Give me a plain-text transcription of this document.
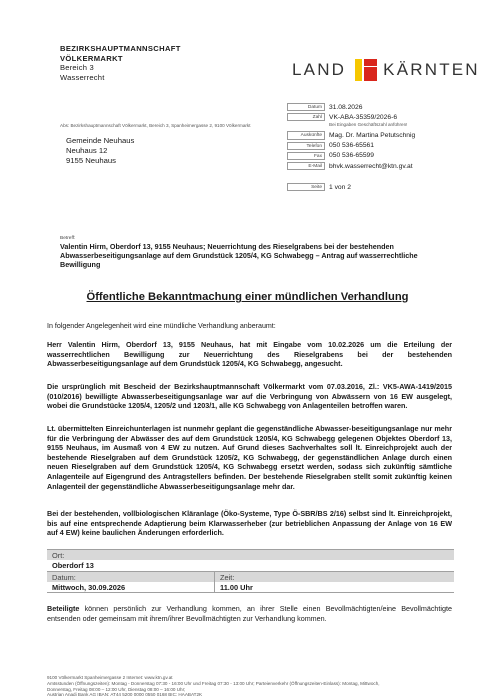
BEZIRKSHAUPTMANNSCHAFT
VÖLKERMARKT
Bereich 3
Wasserrecht	LAND KÄRNTEN
Datum	31.08.2026
Zahl	VK-ABA-35359/2026-6
Bei Eingaben Geschäftszahl anführen!
Auskünfte	Mag. Dr. Martina Petutschnig
Telefon	050 536-65561
Fax	050 536-65599
E-Mail	bhvk.wasserrecht@ktn.gv.at
Seite	1 von 2
Abs: Bezirkshauptmannschaft Völkermarkt, Bereich 3, Spanheimergasse 2, 9100 Völkermarkt
Gemeinde Neuhaus
Neuhaus 12
9155 Neuhaus
Betreff:
Valentin Hirm, Oberdorf 13, 9155 Neuhaus; Neuerrichtung des Rieselgrabens bei der bestehenden Abwasserbeseitigungsanlage auf dem Grundstück 1205/4, KG Schwabegg – Antrag auf wasserrechtliche Bewilligung
Öffentliche Bekanntmachung einer mündlichen Verhandlung
In folgender Angelegenheit wird eine mündliche Verhandlung anberaumt:
Herr Valentin Hirm, Oberdorf 13, 9155 Neuhaus, hat mit Eingabe vom 10.02.2026 um die Erteilung der wasserrechtlichen Bewilligung zur Neuerrichtung des Rieselgrabens bei der bestehenden Abwasserbeseitigungsanlage auf dem Grundstück 1205/4, KG Schwabegg, angesucht.
Die ursprünglich mit Bescheid der Bezirkshauptmannschaft Völkermarkt vom 07.03.2016, Zl.: VK5-AWA-1419/2015 (010/2016) bewilligte Abwasserbeseitigungsanlage war auf die Verbringung von Abwässern von 16 EW ausgelegt, wobei die Grundstücke 1205/4, 1205/2 und 1203/1, alle KG Schwabegg von Anlagenteilen betroffen waren.
Lt. übermittelten Einreichunterlagen ist nunmehr geplant die gegenständliche Abwasser-beseitigungsanlage nur mehr für die Verbringung der Abwässer des auf dem Grundstück 1205/4, KG Schwabegg gelegenen Objektes Oberdorf 13, 9155 Neuhaus, im Ausmaß von 4 EW zu nutzen. Auf Grund dieses Sachverhaltes soll lt. Einreichprojekt auch der bestehende Rieselgraben auf dem Grundstück 1205/2, KG Schwabegg, der gegenständlichen Anlage durch einen neuen Rieselgraben auf dem Grundstück 1205/4, KG Schwabegg ersetzt werden, sodass sich zukünftig sämtliche Anlagenteile auf Eigengrund des Antragstellers befinden. Der bestehende Rieselgraben stellt somit zukünftig keinen Anlagenteil der gegenständliche Abwasserbeseitigungsanlage mehr dar.
Bei der bestehenden, vollbiologischen Kläranlage (Öko-Systeme, Type Ö-SBR/BS 2/16) selbst sind lt. Einreichprojekt, bis auf eine entsprechende Adaptierung beim Klarwasserheber (zur betrieblichen Anpassung der Anlage von 16 EW auf 4 EW) keine baulichen Änderungen erforderlich.
Ort:
Oberdorf 13
Datum:	Zeit:
Mittwoch, 30.09.2026	11.00 Uhr
Beteiligte können persönlich zur Verhandlung kommen, an ihrer Stelle einen Bevollmächtigten/eine Bevollmächtigte entsenden oder gemeinsam mit ihrem/ihrer Bevollmächtigten zur Verhandlung kommen.
9100 Völkermarkt Spanheimergasse 2 Internet: www.ktn.gv.at
Amtsstunden (Öffnungszeiten): Montag - Donnerstag 07:30 - 16:00 Uhr und Freitag 07:30 - 13:00 Uhr; Parteienverkehr (Öffnungszeiten-Einlass): Montag, Mittwoch,
Donnerstag, Freitag 08:00 – 12:00 Uhr, Dienstag 08:00 – 16:00 Uhr;
Austrian Anadi Bank AG IBAN: AT44 5200 0000 0550 0168 BIC: HAABAT2K
